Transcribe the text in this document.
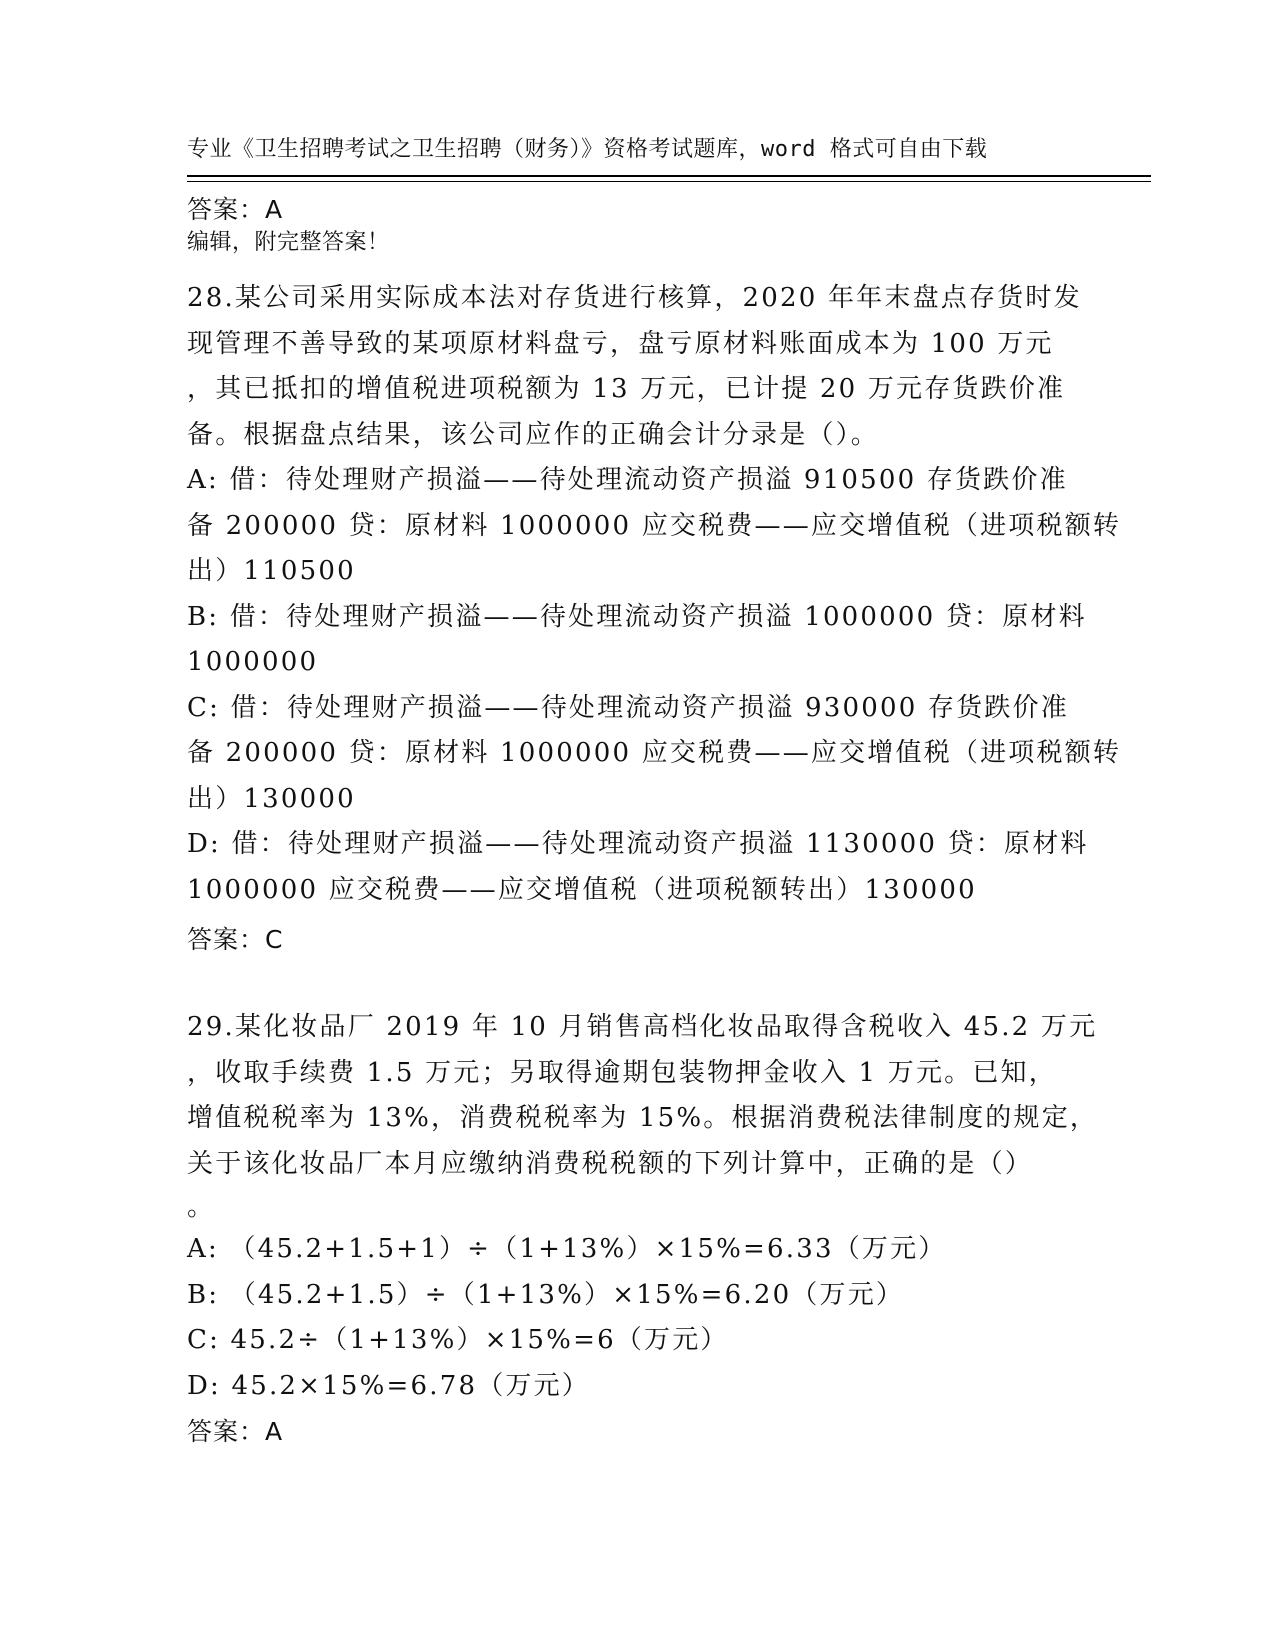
专业《卫生招聘考试之卫生招聘（财务）》资格考试题库，word 格式可自由下载

编辑，附完整答案！

答案：A
28.某公司采用实际成本法对存货进行核算，2020 年年末盘点存货时发
现管理不善导致的某项原材料盘亏，盘亏原材料账面成本为 100 万元
，其已抵扣的增值税进项税额为 13 万元，已计提 20 万元存货跌价准
备。根据盘点结果，该公司应作的正确会计分录是（）。
A: 借：待处理财产损溢——待处理流动资产损溢 910500 存货跌价准
备 200000 贷：原材料 1000000 应交税费——应交增值税（进项税额转
出）110500
B: 借：待处理财产损溢——待处理流动资产损溢 1000000 贷：原材料
1000000
C: 借：待处理财产损溢——待处理流动资产损溢 930000 存货跌价准
备 200000 贷：原材料 1000000 应交税费——应交增值税（进项税额转
出）130000
D: 借：待处理财产损溢——待处理流动资产损溢 1130000 贷：原材料
1000000 应交税费——应交增值税（进项税额转出）130000
答案：C
29.某化妆品厂 2019 年 10 月销售高档化妆品取得含税收入 45.2 万元
，收取手续费 1.5 万元；另取得逾期包装物押金收入 1 万元。已知，
增值税税率为 13%，消费税税率为 15%。根据消费税法律制度的规定，
关于该化妆品厂本月应缴纳消费税税额的下列计算中，正确的是（）
。
A: （45.2+1.5+1）÷（1+13%）×15%=6.33（万元）
B: （45.2+1.5）÷（1+13%）×15%=6.20（万元）
C: 45.2÷（1+13%）×15%=6（万元）
D: 45.2×15%=6.78（万元）
答案：A
